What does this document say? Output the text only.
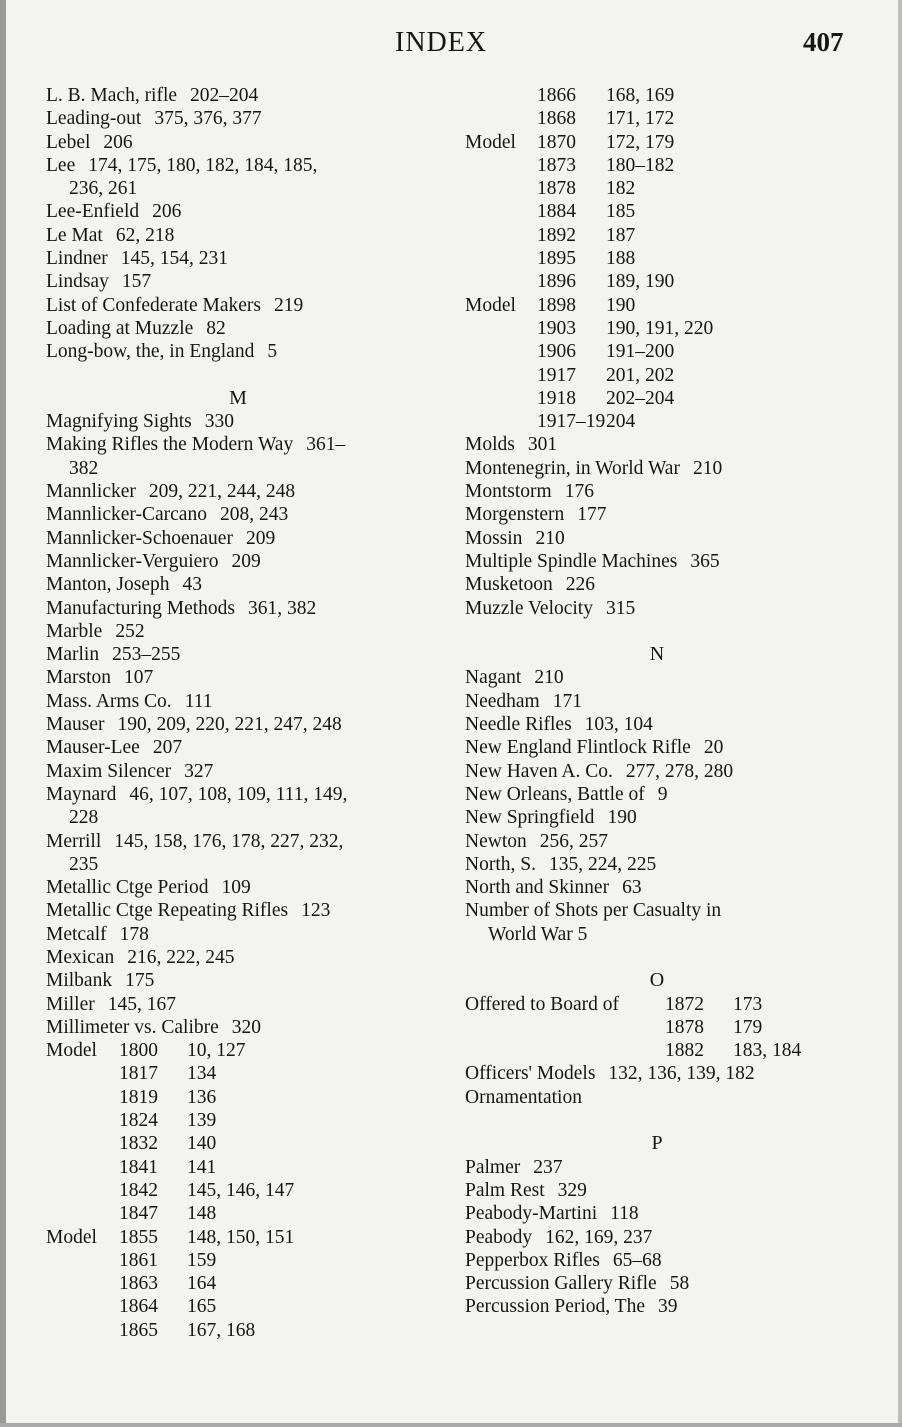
INDEX	407
L. B. Mach, rifle 202–204
Leading-out 375, 376, 377
Lebel 206
Lee 174, 175, 180, 182, 184, 185,
236, 261
Lee-Enfield 206
Le Mat 62, 218
Lindner 145, 154, 231
Lindsay 157
List of Confederate Makers 219
Loading at Muzzle 82
Long-bow, the, in England 5
M
Magnifying Sights 330
Making Rifles the Modern Way 361–
382
Mannlicker 209, 221, 244, 248
Mannlicker-Carcano 208, 243
Mannlicker-Schoenauer 209
Mannlicker-Verguiero 209
Manton, Joseph 43
Manufacturing Methods 361, 382
Marble 252
Marlin 253–255
Marston 107
Mass. Arms Co. 111
Mauser 190, 209, 220, 221, 247, 248
Mauser-Lee 207
Maxim Silencer 327
Maynard 46, 107, 108, 109, 111, 149,
228
Merrill 145, 158, 176, 178, 227, 232,
235
Metallic Ctge Period 109
Metallic Ctge Repeating Rifles 123
Metcalf 178
Mexican 216, 222, 245
Milbank 175
Miller 145, 167
Millimeter vs. Calibre 320
Model 1800 10, 127
1817 134
1819 136
1824 139
1832 140
1841 141
1842 145, 146, 147
1847 148
Model 1855 148, 150, 151
1861 159
1863 164
1864 165
1865 167, 168
1866 168, 169
1868 171, 172
Model 1870 172, 179
1873 180–182
1878 182
1884 185
1892 187
1895 188
1896 189, 190
Model 1898 190
1903 190, 191, 220
1906 191–200
1917 201, 202
1918 202–204
1917–19 204
Molds 301
Montenegrin, in World War 210
Montstorm 176
Morgenstern 177
Mossin 210
Multiple Spindle Machines 365
Musketoon 226
Muzzle Velocity 315
N
Nagant 210
Needham 171
Needle Rifles 103, 104
New England Flintlock Rifle 20
New Haven A. Co. 277, 278, 280
New Orleans, Battle of 9
New Springfield 190
Newton 256, 257
North, S. 135, 224, 225
North and Skinner 63
Number of Shots per Casualty in
World War 5
O
Offered to Board of 1872 173
1878 179
1882 183, 184
Officers' Models 132, 136, 139, 182
Ornamentation
P
Palmer 237
Palm Rest 329
Peabody-Martini 118
Peabody 162, 169, 237
Pepperbox Rifles 65–68
Percussion Gallery Rifle 58
Percussion Period, The 39
